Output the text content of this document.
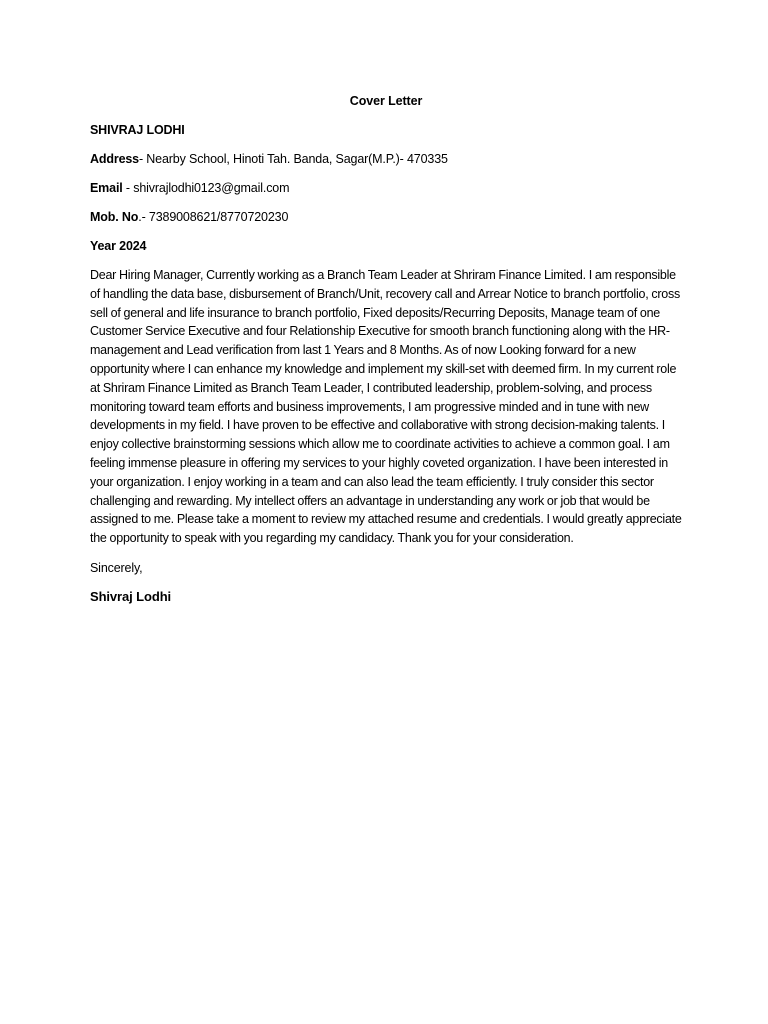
Cover Letter
SHIVRAJ LODHI
Address- Nearby School, Hinoti Tah. Banda, Sagar(M.P.)- 470335
Email - shivrajlodhi0123@gmail.com
Mob. No.- 7389008621/8770720230
Year 2024

Dear Hiring Manager, Currently working as a Branch Team Leader at Shriram Finance Limited. I am responsible of handling the data base, disbursement of Branch/Unit, recovery call and Arrear Notice to branch portfolio, cross sell of general and life insurance to branch portfolio, Fixed deposits/Recurring Deposits, Manage team of one Customer Service Executive and four Relationship Executive for smooth branch functioning along with the HR-management and Lead verification from last 1 Years and 8 Months. As of now Looking forward for a new opportunity where I can enhance my knowledge and implement my skill-set with deemed firm. In my current role at Shriram Finance Limited as Branch Team Leader, I contributed leadership, problem-solving, and process monitoring toward team efforts and business improvements, I am progressive minded and in tune with new developments in my field. I have proven to be effective and collaborative with strong decision-making talents. I enjoy collective brainstorming sessions which allow me to coordinate activities to achieve a common goal. I am feeling immense pleasure in offering my services to your highly coveted organization. I have been interested in your organization. I enjoy working in a team and can also lead the team efficiently. I truly consider this sector challenging and rewarding. My intellect offers an advantage in understanding any work or job that would be assigned to me. Please take a moment to review my attached resume and credentials. I would greatly appreciate the opportunity to speak with you regarding my candidacy. Thank you for your consideration.

Sincerely,
Shivraj Lodhi
